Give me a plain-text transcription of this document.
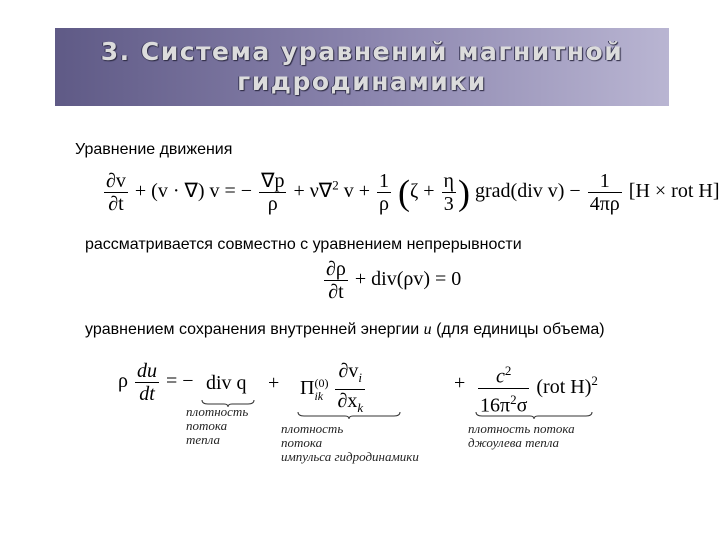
3. Система уравнений магнитной
гидродинамики
Уравнение движения
$\frac{\partial v}{\partial t} + (v$ · ∇) v = − $\frac{\nabla p}{\rho} + \nu\nabla^2$ $v + \frac{1}{\rho} (\zeta + \frac{\eta}{3}$ ) grad(div $v) - \frac{1}{4\pi\rho} [H$ × rot H]
рассматривается совместно с уравнением непрерывности
$\frac{\partial\rho}{\partial t} + div(\rho v) = 0$
уравнением сохранения внутренней энергии u (для единицы объема)
ρ $\frac{du}{dt}$ = − div q + Π (0)
ik
$\frac{\partial v_i}{\partial x_k}$	+ $\frac{c^2}{16\pi^2\sigma} (rot$ H)$^2$
плотность
потока
тепла
плотность
потока
импульса гидродинамики
плотность потока
джоулева тепла
